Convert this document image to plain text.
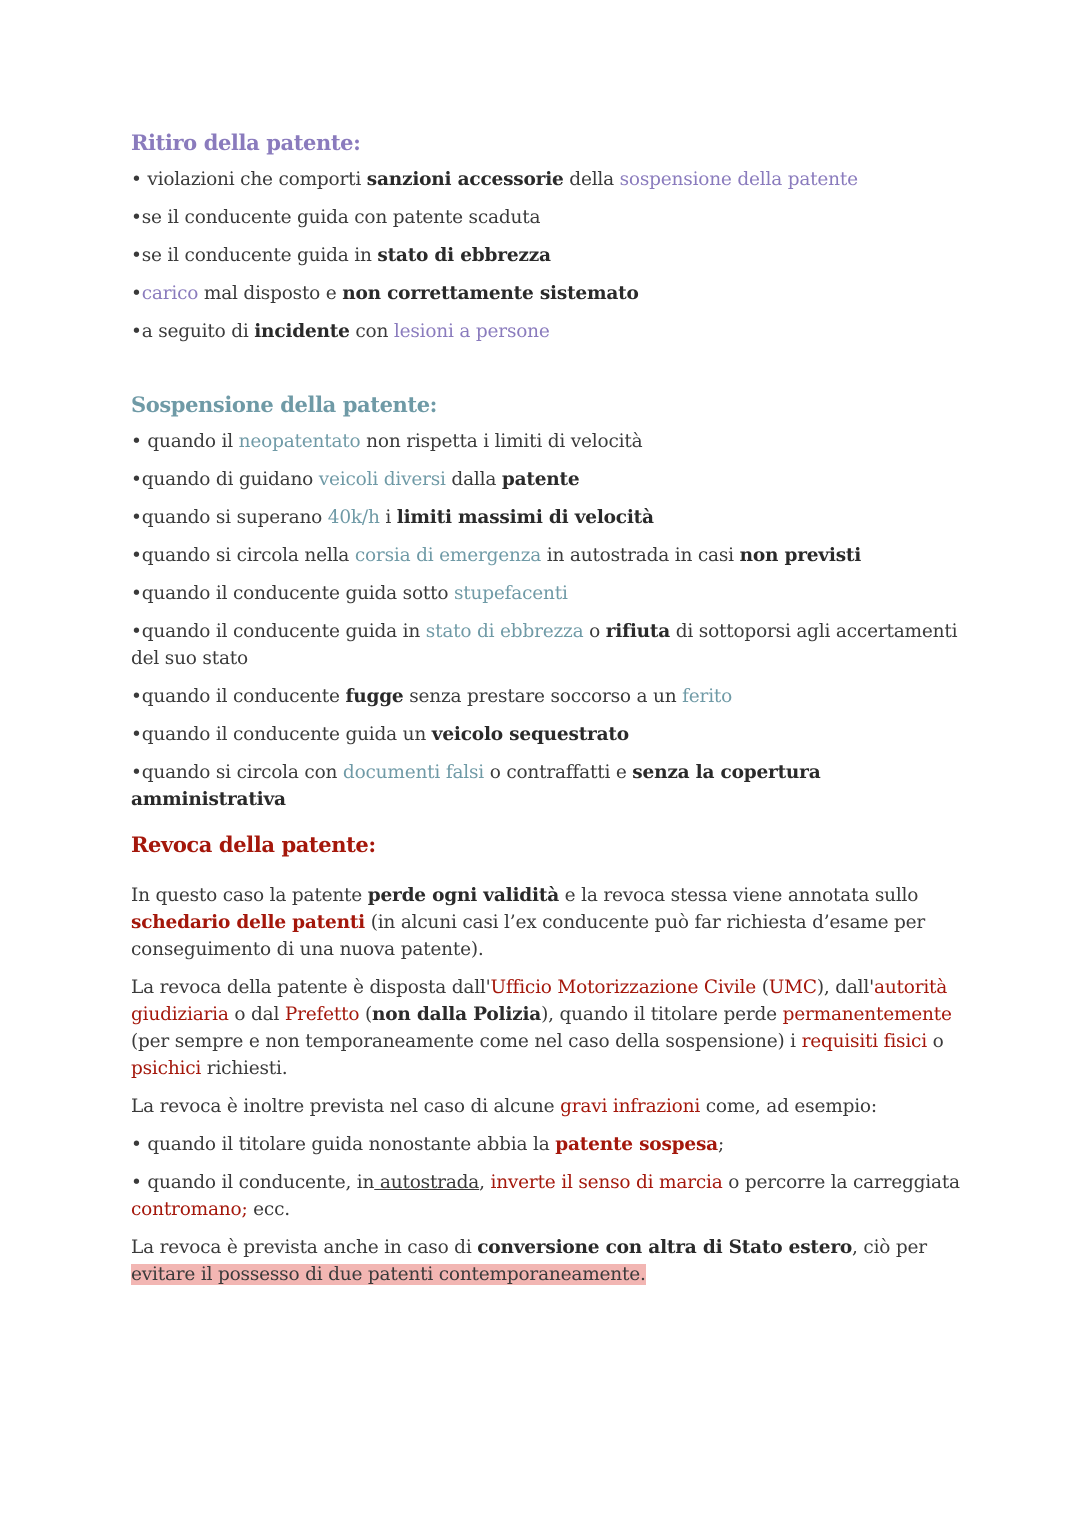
Ritiro della patente:

• violazioni che comporti sanzioni accessorie della sospensione della patente

•se il conducente guida con patente scaduta

•se il conducente guida in stato di ebbrezza

•carico mal disposto e non correttamente sistemato

•a seguito di incidente con lesioni a persone

Sospensione della patente:

• quando il neopatentato non rispetta i limiti di velocità

•quando di guidano veicoli diversi dalla patente

•quando si superano 40k/h i limiti massimi di velocità

•quando si circola nella corsia di emergenza in autostrada in casi non previsti

•quando il conducente guida sotto stupefacenti

•quando il conducente guida in stato di ebbrezza o rifiuta di sottoporsi agli accertamenti del suo stato

•quando il conducente fugge senza prestare soccorso a un ferito

•quando il conducente guida un veicolo sequestrato

•quando si circola con documenti falsi o contraffatti e senza la copertura amministrativa

Revoca della patente:

In questo caso la patente perde ogni validità e la revoca stessa viene annotata sullo schedario delle patenti (in alcuni casi l’ex conducente può far richiesta d’esame per conseguimento di una nuova patente).

La revoca della patente è disposta dall'Ufficio Motorizzazione Civile (UMC), dall'autorità giudiziaria o dal Prefetto (non dalla Polizia), quando il titolare perde permanentemente (per sempre e non temporaneamente come nel caso della sospensione) i requisiti fisici o psichici richiesti.

La revoca è inoltre prevista nel caso di alcune gravi infrazioni come, ad esempio:

• quando il titolare guida nonostante abbia la patente sospesa;

• quando il conducente, in autostrada, inverte il senso di marcia o percorre la carreggiata contromano; ecc.

La revoca è prevista anche in caso di conversione con altra di Stato estero, ciò per evitare il possesso di due patenti contemporaneamente.
